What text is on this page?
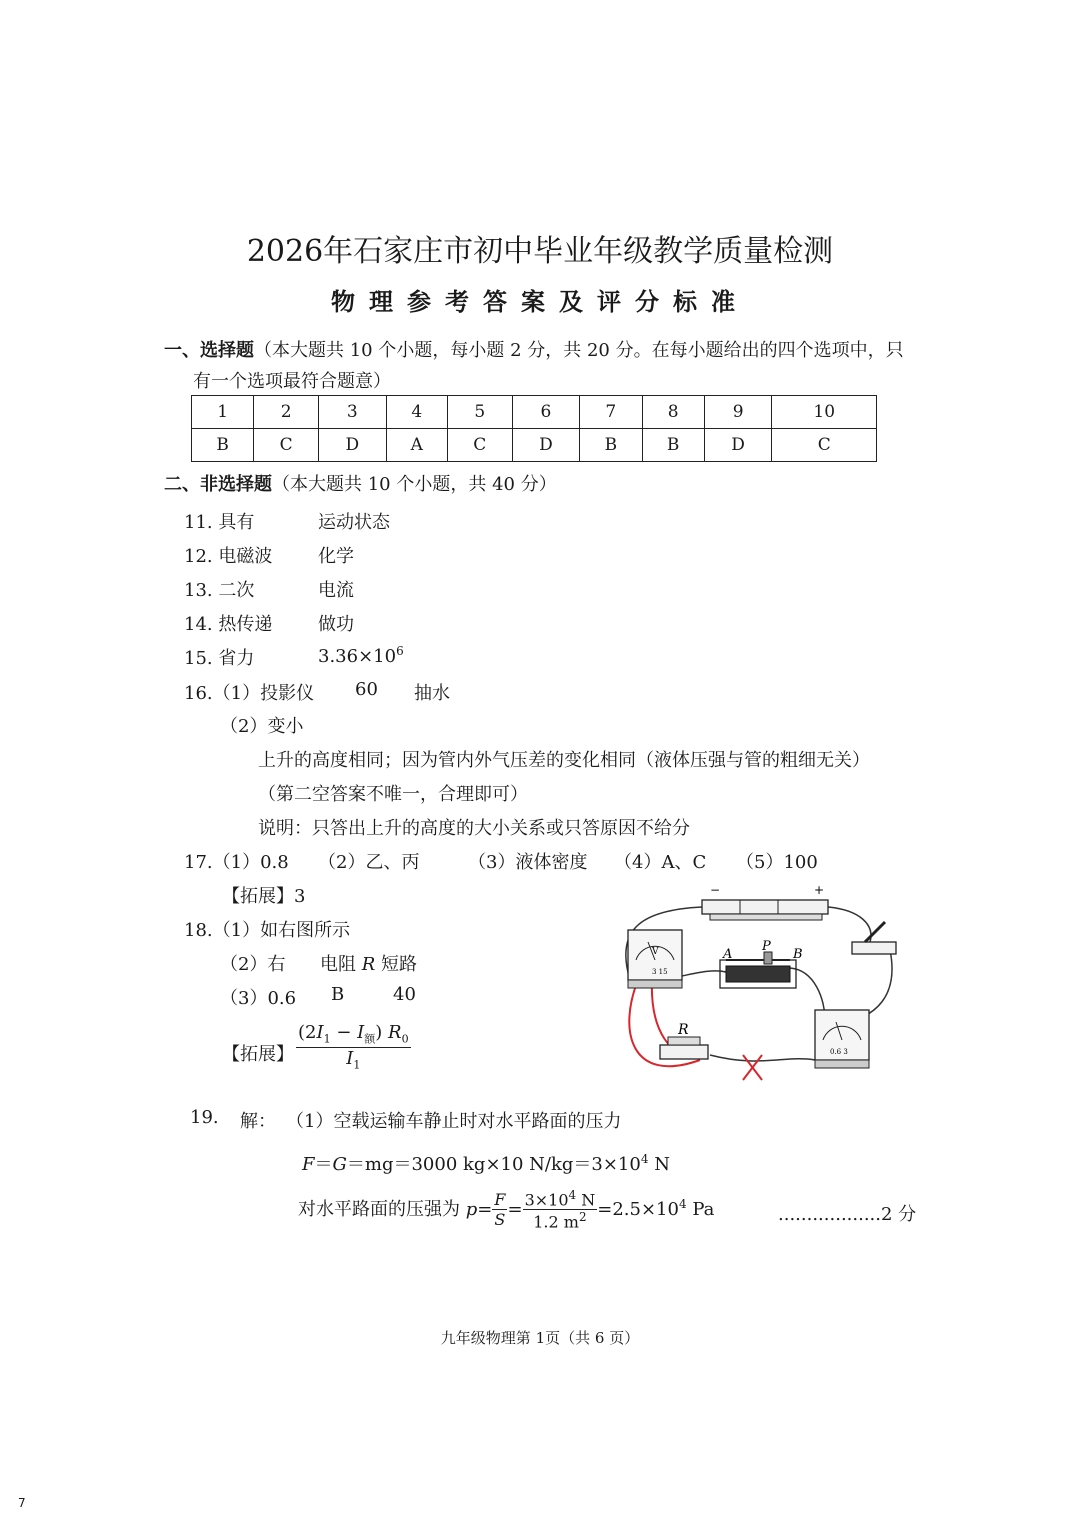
2026年石家庄市初中毕业年级教学质量检测
物理参考答案及评分标准
一、选择题（本大题共 10 个小题，每小题 2 分，共 20 分。在每小题给出的四个选项中，只
有一个选项最符合题意）
1	2	3	4	5	6	7	8	9	10
B	C	D	A	C	D	B	B	D	C
二、非选择题（本大题共 10 个小题，共 40 分）
11. 具有	运动状态
12. 电磁波	化学
13. 二次	电流
14. 热传递	做功
15. 省力	$3.36\times 10^6$
16.（1）投影仪 60 抽水
（2）变小
上升的高度相同；因为管内外气压差的变化相同（液体压强与管的粗细无关）
（第二空答案不唯一，合理即可）
说明：只答出上升的高度的大小关系或只答原因不给分
17.（1）0.8 （2）乙、丙	（3）液体密度 （4）A、C （5）100
【拓展】3
18.（1）如右图所示
（2）右 电阻 R 短路
（3）0.6 B	40
【拓展】 $\frac{(2I_1 - I_额) R_0}{I_1}$
−	+
V
3 15
A
P
B
0.6 3
R
19. 解： （1）空载运输车静止时对水平路面的压力
F＝G＝mg＝3000 kg×10 $N/kg=3\times 10^4$ N
对水平路面的压强为 $p= \frac{F}{S} = \frac{3\times 10^4 N}{1.2 m^2} =2.5\times 10^4$ Pa	..................2 分
九年级物理第 1页（共 6 页）
7
